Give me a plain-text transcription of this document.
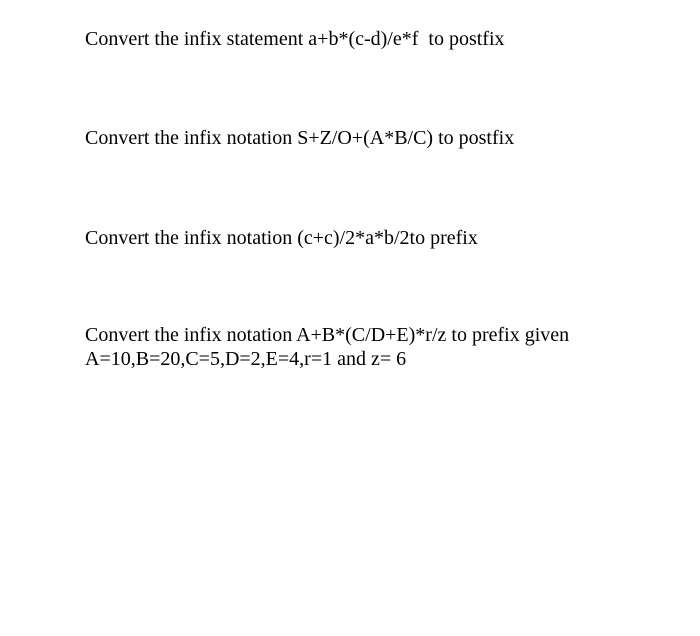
Convert the infix statement a+b*(c-d)/e*f  to postfix

Convert the infix notation S+Z/O+(A*B/C) to postfix

Convert the infix notation (c+c)/2*a*b/2to prefix

Convert the infix notation A+B*(C/D+E)*r/z to prefix given
A=10,B=20,C=5,D=2,E=4,r=1 and z= 6
